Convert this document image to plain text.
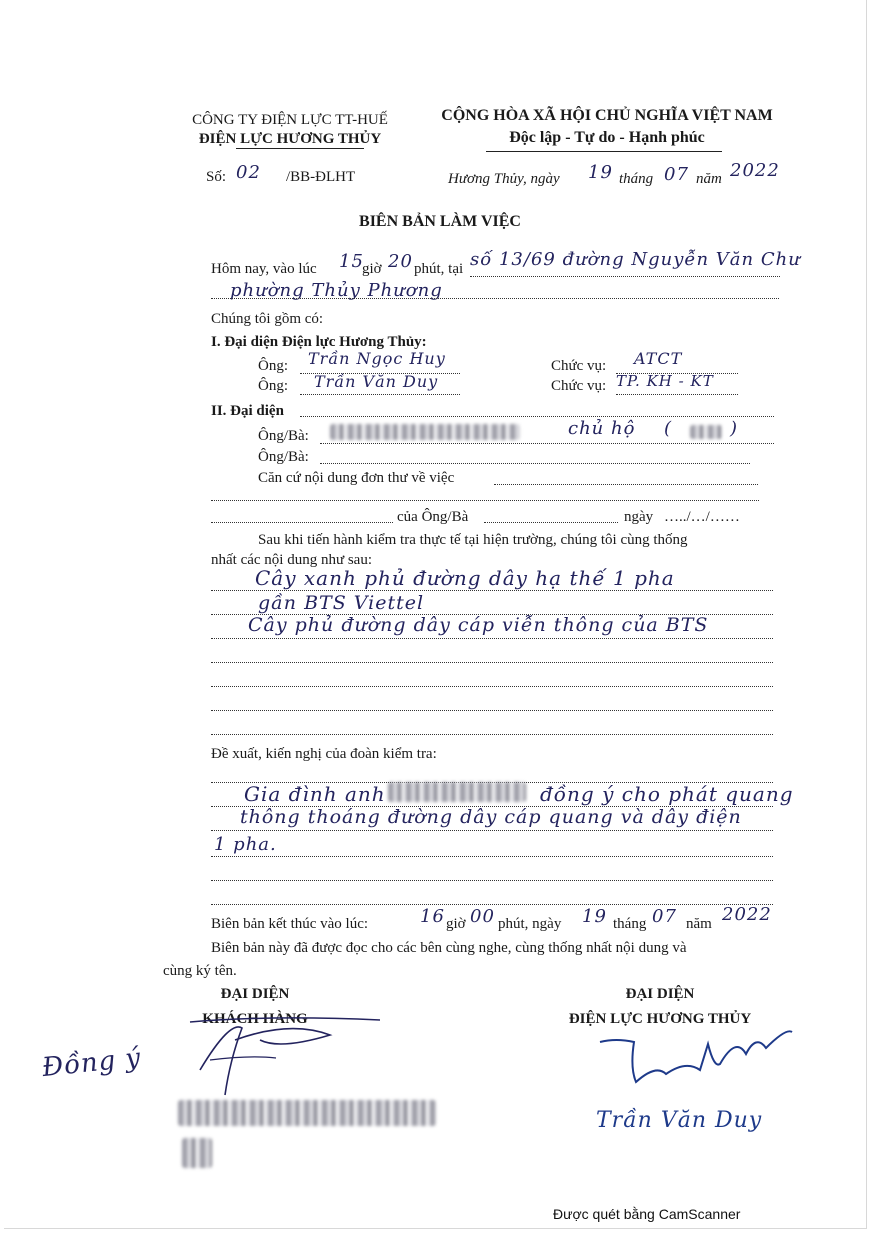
CÔNG TY ĐIỆN LỰC TT-HUẾ
ĐIỆN LỰC HƯƠNG THỦY
CỘNG HÒA XÃ HỘI CHỦ NGHĨA VIỆT NAM
Độc lập - Tự do - Hạnh phúc
Số: 02 /BB-ĐLHT	Hương Thủy, ngày 19 tháng 07 năm 2022
BIÊN BẢN LÀM VIỆC
Hôm nay, vào lúc 15
giờ 20 phút, tại số 13/69 đường Nguyễn Văn Chư
phường Thủy Phương
Chúng tôi gồm có:
I. Đại diện Điện lực Hương Thủy:
Ông: Trần Ngọc Huy	Chức vụ: ATCT
Ông: Trần Văn Duy	Chức vụ: TP. KH - KT
II. Đại diện
Ông/Bà:	chủ hộ (	)
Ông/Bà:
Căn cứ nội dung đơn thư về việc
của Ông/Bà	ngày …../…/……
Sau khi tiến hành kiểm tra thực tế tại hiện trường, chúng tôi cùng thống
nhất các nội dung như sau:
Cây xanh phủ đường dây hạ thế 1 pha
gần BTS Viettel
Cây phủ đường dây cáp viễn thông của BTS
Đề xuất, kiến nghị của đoàn kiểm tra:
Gia đình anh	đồng ý cho phát quang
thông thoáng đường dây cáp quang và dây điện
1 pha.
Biên bản kết thúc vào lúc:	16 giờ 00 phút, ngày 19 tháng 07 năm 2022
Biên bản này đã được đọc cho các bên cùng nghe, cùng thống nhất nội dung và
cùng ký tên.
ĐẠI DIỆN
KHÁCH HÀNG
ĐẠI DIỆN
ĐIỆN LỰC HƯƠNG THỦY
Đồng ý
Trần Văn Duy
Được quét bằng CamScanner
